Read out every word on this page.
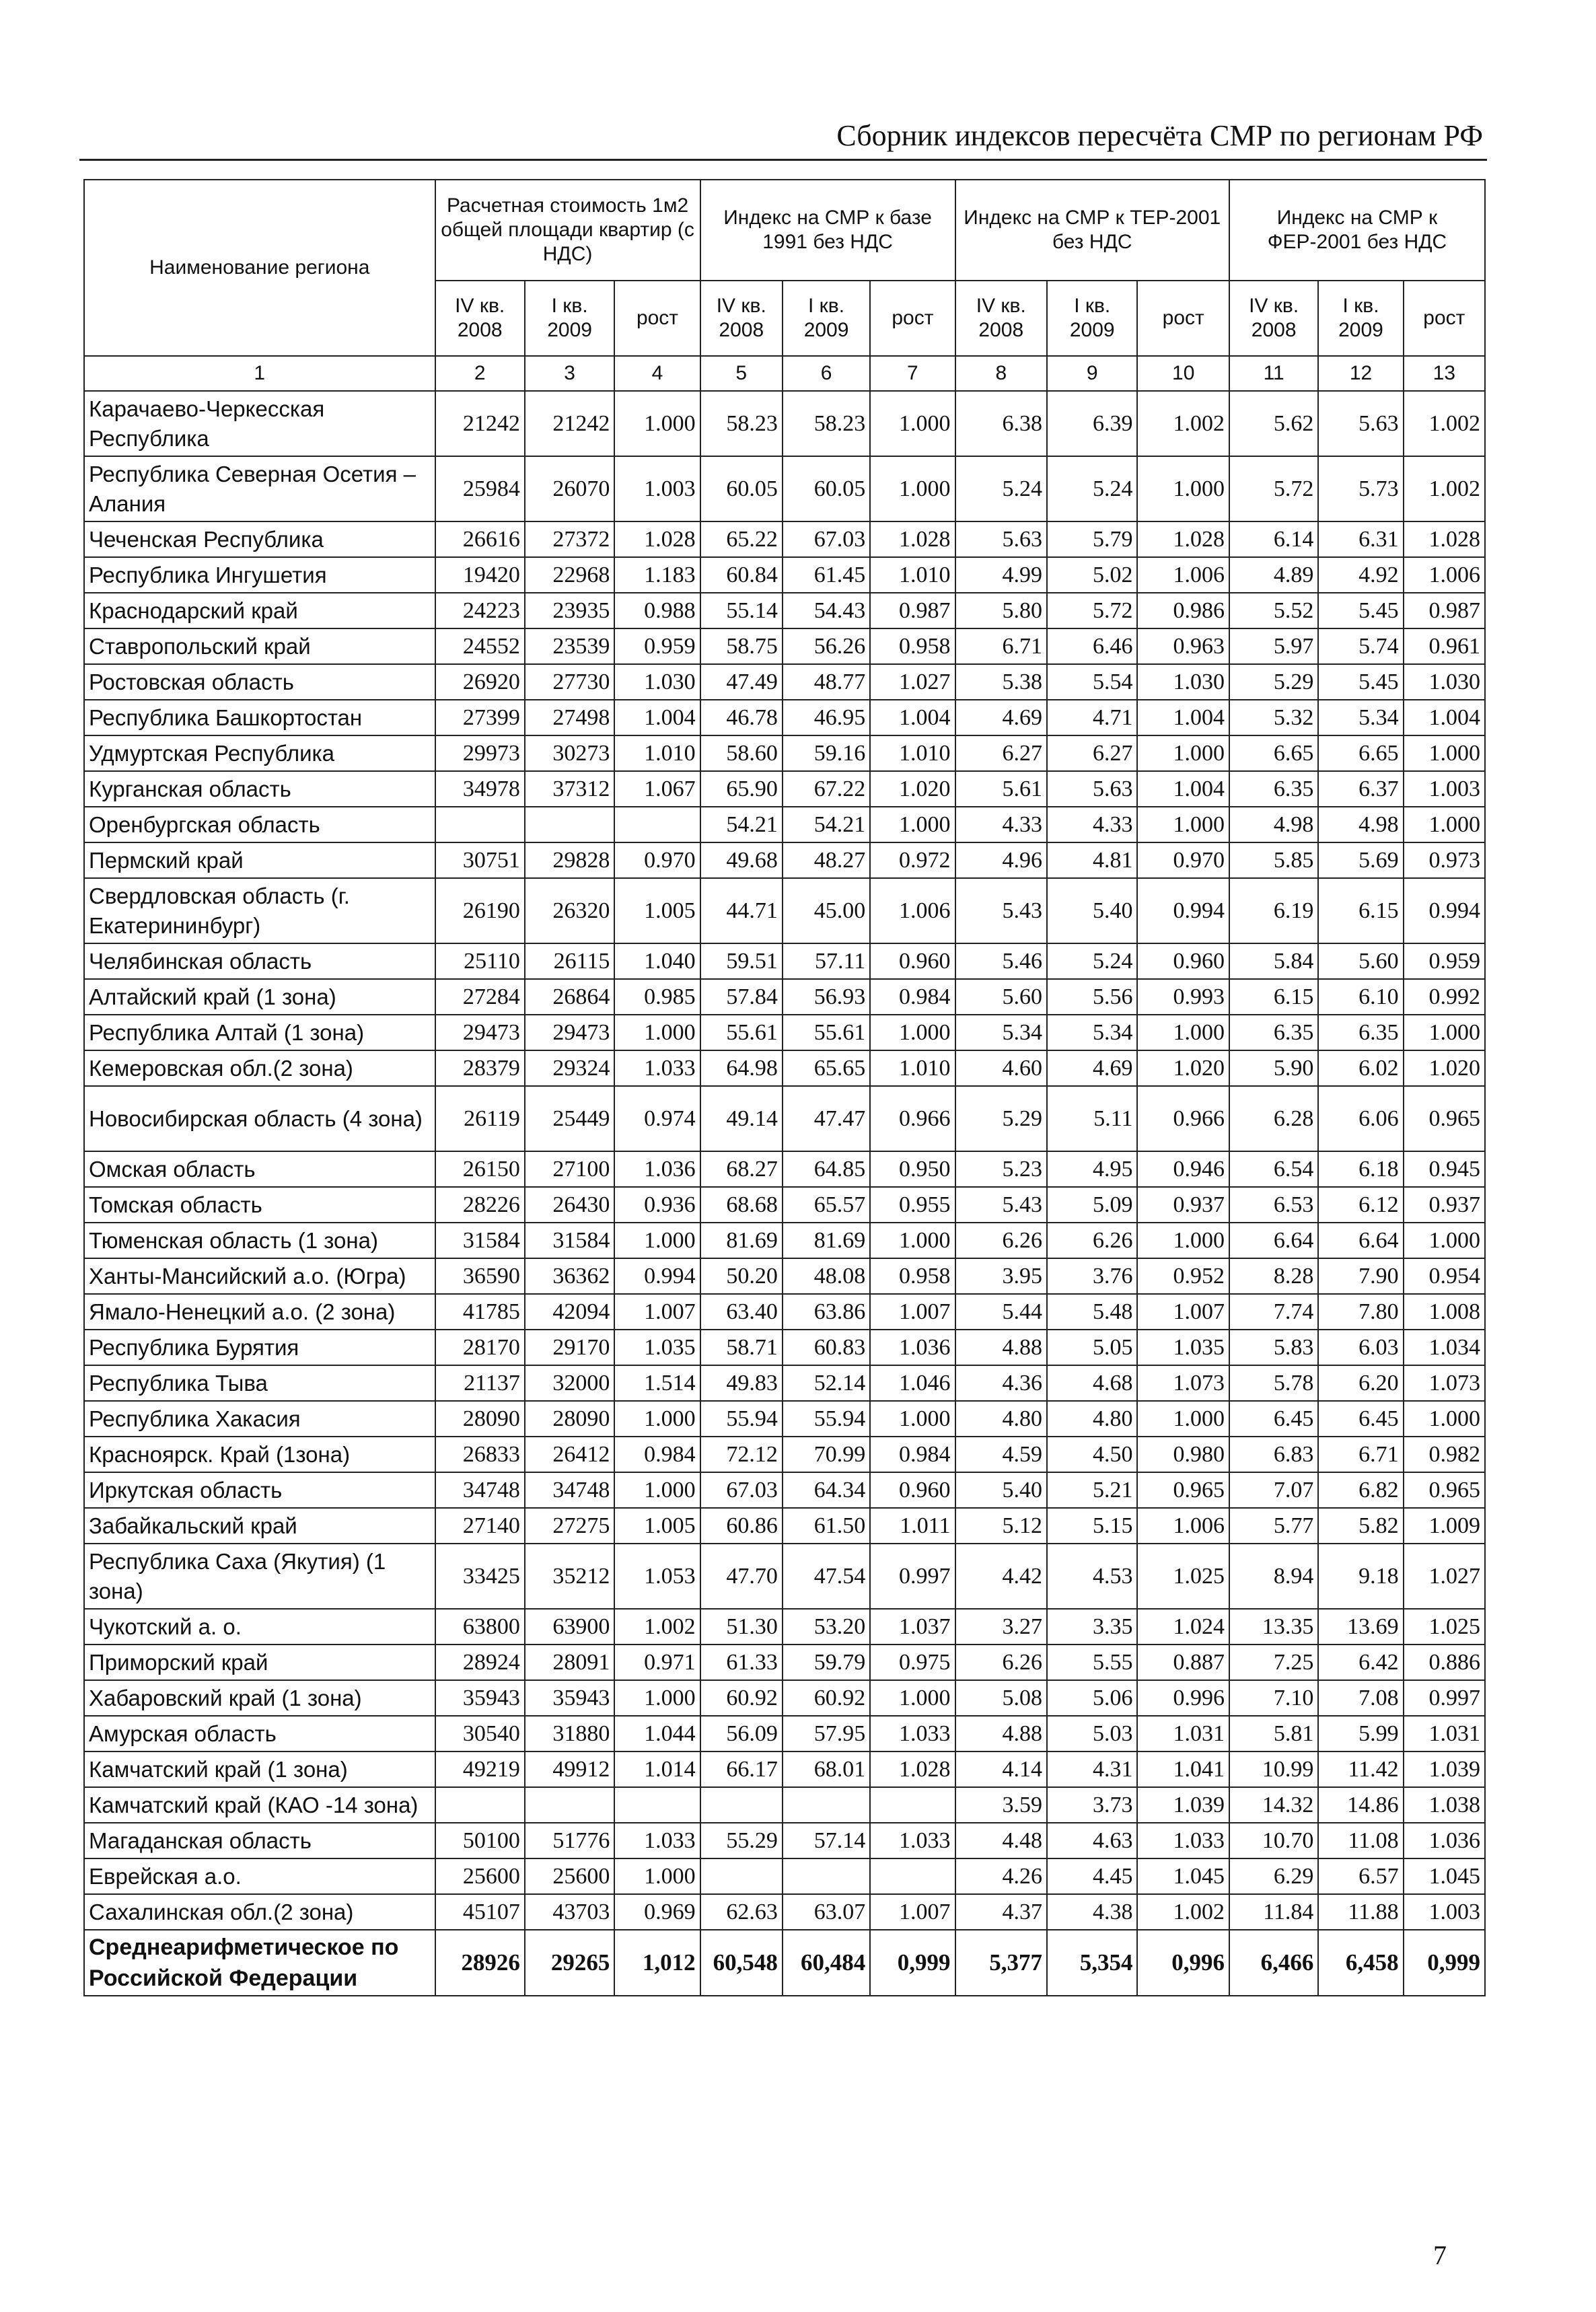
Сборник индексов пересчёта СМР по регионам РФ
Наименование региона	Расчетная стоимость 1м2 общей площади квартир (с НДС)			Индекс на СМР к базе 1991 без НДС			Индекс на СМР к ТЕР-2001 без НДС			Индекс на СМР к ФЕР-2001 без НДС		
	IV кв. 2008	I кв. 2009	рост	IV кв. 2008	I кв. 2009	рост	IV кв. 2008	I кв. 2009	рост	IV кв. 2008	I кв. 2009	рост
1	2	3	4	5	6	7	8	9	10	11	12	13
Карачаево-Черкесская Республика	21242	21242	1.000	58.23	58.23	1.000	6.38	6.39	1.002	5.62	5.63	1.002
Республика Северная Осетия – Алания	25984	26070	1.003	60.05	60.05	1.000	5.24	5.24	1.000	5.72	5.73	1.002
Чеченская Республика	26616	27372	1.028	65.22	67.03	1.028	5.63	5.79	1.028	6.14	6.31	1.028
Республика Ингушетия	19420	22968	1.183	60.84	61.45	1.010	4.99	5.02	1.006	4.89	4.92	1.006
Краснодарский край	24223	23935	0.988	55.14	54.43	0.987	5.80	5.72	0.986	5.52	5.45	0.987
Ставропольский край	24552	23539	0.959	58.75	56.26	0.958	6.71	6.46	0.963	5.97	5.74	0.961
Ростовская область	26920	27730	1.030	47.49	48.77	1.027	5.38	5.54	1.030	5.29	5.45	1.030
Республика Башкортостан	27399	27498	1.004	46.78	46.95	1.004	4.69	4.71	1.004	5.32	5.34	1.004
Удмуртская Республика	29973	30273	1.010	58.60	59.16	1.010	6.27	6.27	1.000	6.65	6.65	1.000
Курганская область	34978	37312	1.067	65.90	67.22	1.020	5.61	5.63	1.004	6.35	6.37	1.003
Оренбургская область				54.21	54.21	1.000	4.33	4.33	1.000	4.98	4.98	1.000
Пермский край	30751	29828	0.970	49.68	48.27	0.972	4.96	4.81	0.970	5.85	5.69	0.973
Свердловская область (г. Екатерининбург)	26190	26320	1.005	44.71	45.00	1.006	5.43	5.40	0.994	6.19	6.15	0.994
Челябинская область	25110	26115	1.040	59.51	57.11	0.960	5.46	5.24	0.960	5.84	5.60	0.959
Алтайский край (1 зона)	27284	26864	0.985	57.84	56.93	0.984	5.60	5.56	0.993	6.15	6.10	0.992
Республика Алтай (1 зона)	29473	29473	1.000	55.61	55.61	1.000	5.34	5.34	1.000	6.35	6.35	1.000
Кемеровская обл.(2 зона)	28379	29324	1.033	64.98	65.65	1.010	4.60	4.69	1.020	5.90	6.02	1.020
Новосибирская область (4 зона)	26119	25449	0.974	49.14	47.47	0.966	5.29	5.11	0.966	6.28	6.06	0.965
Омская область	26150	27100	1.036	68.27	64.85	0.950	5.23	4.95	0.946	6.54	6.18	0.945
Томская область	28226	26430	0.936	68.68	65.57	0.955	5.43	5.09	0.937	6.53	6.12	0.937
Тюменская область (1 зона)	31584	31584	1.000	81.69	81.69	1.000	6.26	6.26	1.000	6.64	6.64	1.000
Ханты-Мансийский а.о. (Югра)	36590	36362	0.994	50.20	48.08	0.958	3.95	3.76	0.952	8.28	7.90	0.954
Ямало-Ненецкий а.о. (2 зона)	41785	42094	1.007	63.40	63.86	1.007	5.44	5.48	1.007	7.74	7.80	1.008
Республика Бурятия	28170	29170	1.035	58.71	60.83	1.036	4.88	5.05	1.035	5.83	6.03	1.034
Республика Тыва	21137	32000	1.514	49.83	52.14	1.046	4.36	4.68	1.073	5.78	6.20	1.073
Республика Хакасия	28090	28090	1.000	55.94	55.94	1.000	4.80	4.80	1.000	6.45	6.45	1.000
Красноярск. Край (1зона)	26833	26412	0.984	72.12	70.99	0.984	4.59	4.50	0.980	6.83	6.71	0.982
Иркутская область	34748	34748	1.000	67.03	64.34	0.960	5.40	5.21	0.965	7.07	6.82	0.965
Забайкальский край	27140	27275	1.005	60.86	61.50	1.011	5.12	5.15	1.006	5.77	5.82	1.009
Республика Саха (Якутия) (1 зона)	33425	35212	1.053	47.70	47.54	0.997	4.42	4.53	1.025	8.94	9.18	1.027
Чукотский а. о.	63800	63900	1.002	51.30	53.20	1.037	3.27	3.35	1.024	13.35	13.69	1.025
Приморский край	28924	28091	0.971	61.33	59.79	0.975	6.26	5.55	0.887	7.25	6.42	0.886
Хабаровский край (1 зона)	35943	35943	1.000	60.92	60.92	1.000	5.08	5.06	0.996	7.10	7.08	0.997
Амурская область	30540	31880	1.044	56.09	57.95	1.033	4.88	5.03	1.031	5.81	5.99	1.031
Камчатский край (1 зона)	49219	49912	1.014	66.17	68.01	1.028	4.14	4.31	1.041	10.99	11.42	1.039
Камчатский край (КАО -14 зона)							3.59	3.73	1.039	14.32	14.86	1.038
Магаданская область	50100	51776	1.033	55.29	57.14	1.033	4.48	4.63	1.033	10.70	11.08	1.036
Еврейская а.о.	25600	25600	1.000				4.26	4.45	1.045	6.29	6.57	1.045
Сахалинская обл.(2 зона)	45107	43703	0.969	62.63	63.07	1.007	4.37	4.38	1.002	11.84	11.88	1.003
Среднеарифметическое по Российской Федерации	28926	29265	1,012	60,548	60,484	0,999	5,377	5,354	0,996	6,466	6,458	0,999
7
